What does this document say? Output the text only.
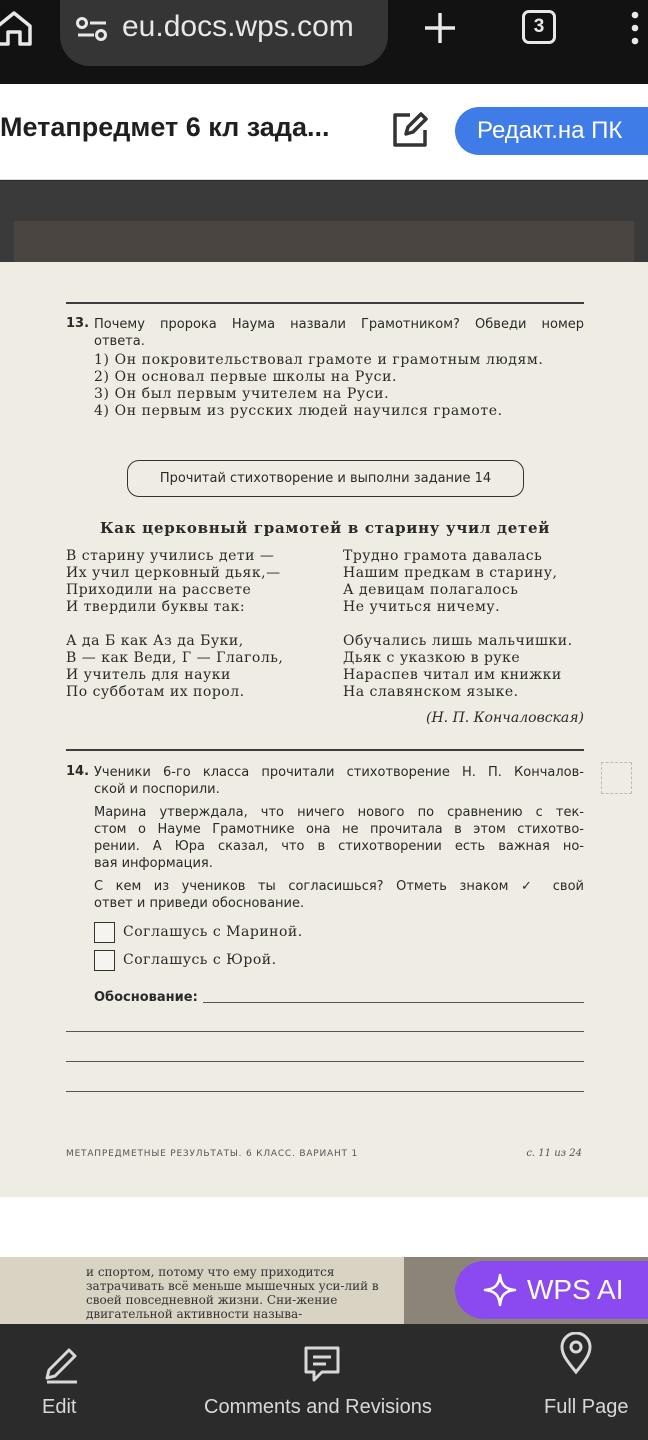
eu.docs.wps.com	3
Метапредмет 6 кл зада...	Редакт.на ПК
13. Почему пророка Наума назвали Грамотником? Обведи номер
ответа.
1) Он покровительствовал грамоте и грамотным людям.
2) Он основал первые школы на Руси.
3) Он был первым учителем на Руси.
4) Он первым из русских людей научился грамоте.
Прочитай стихотворение и выполни задание 14
Как церковный грамотей в старину учил детей
В старину учились дети —
Их учил церковный дьяк,—
Приходили на рассвете
И твердили буквы так:
Трудно грамота давалась
Нашим предкам в старину,
А девицам полагалось
Не учиться ничему.
А да Б как Аз да Буки,
В — как Веди, Г — Глаголь,
И учитель для науки
По субботам их порол.
Обучались лишь мальчишки.
Дьяк с указкою в руке
Нараспев читал им книжки
На славянском языке.
(Н. П. Кончаловская)
14. Ученики 6-го класса прочитали стихотворение Н. П. Кончалов-
ской и поспорили.
Марина утверждала, что ничего нового по сравнению с тек-
стом о Науме Грамотнике она не прочитала в этом стихотво-
рении. А Юра сказал, что в стихотворении есть важная но-
вая информация.
С кем из учеников ты согласишься? Отметь знаком ✓ свой
ответ и приведи обоснование.
Соглашусь с Мариной.
Соглашусь с Юрой.
Обоснование:
МЕТАПРЕДМЕТНЫЕ РЕЗУЛЬТАТЫ. 6 КЛАСС. ВАРИАНТ 1	с. 11 из 24
и спортом, потому что ему приходится затрачивать всё меньше мышечных уси-лий в своей повседневной жизни. Сни-жение двигательной активности называ-
WPS AI
Edit	Comments and Revisions	Full Page
